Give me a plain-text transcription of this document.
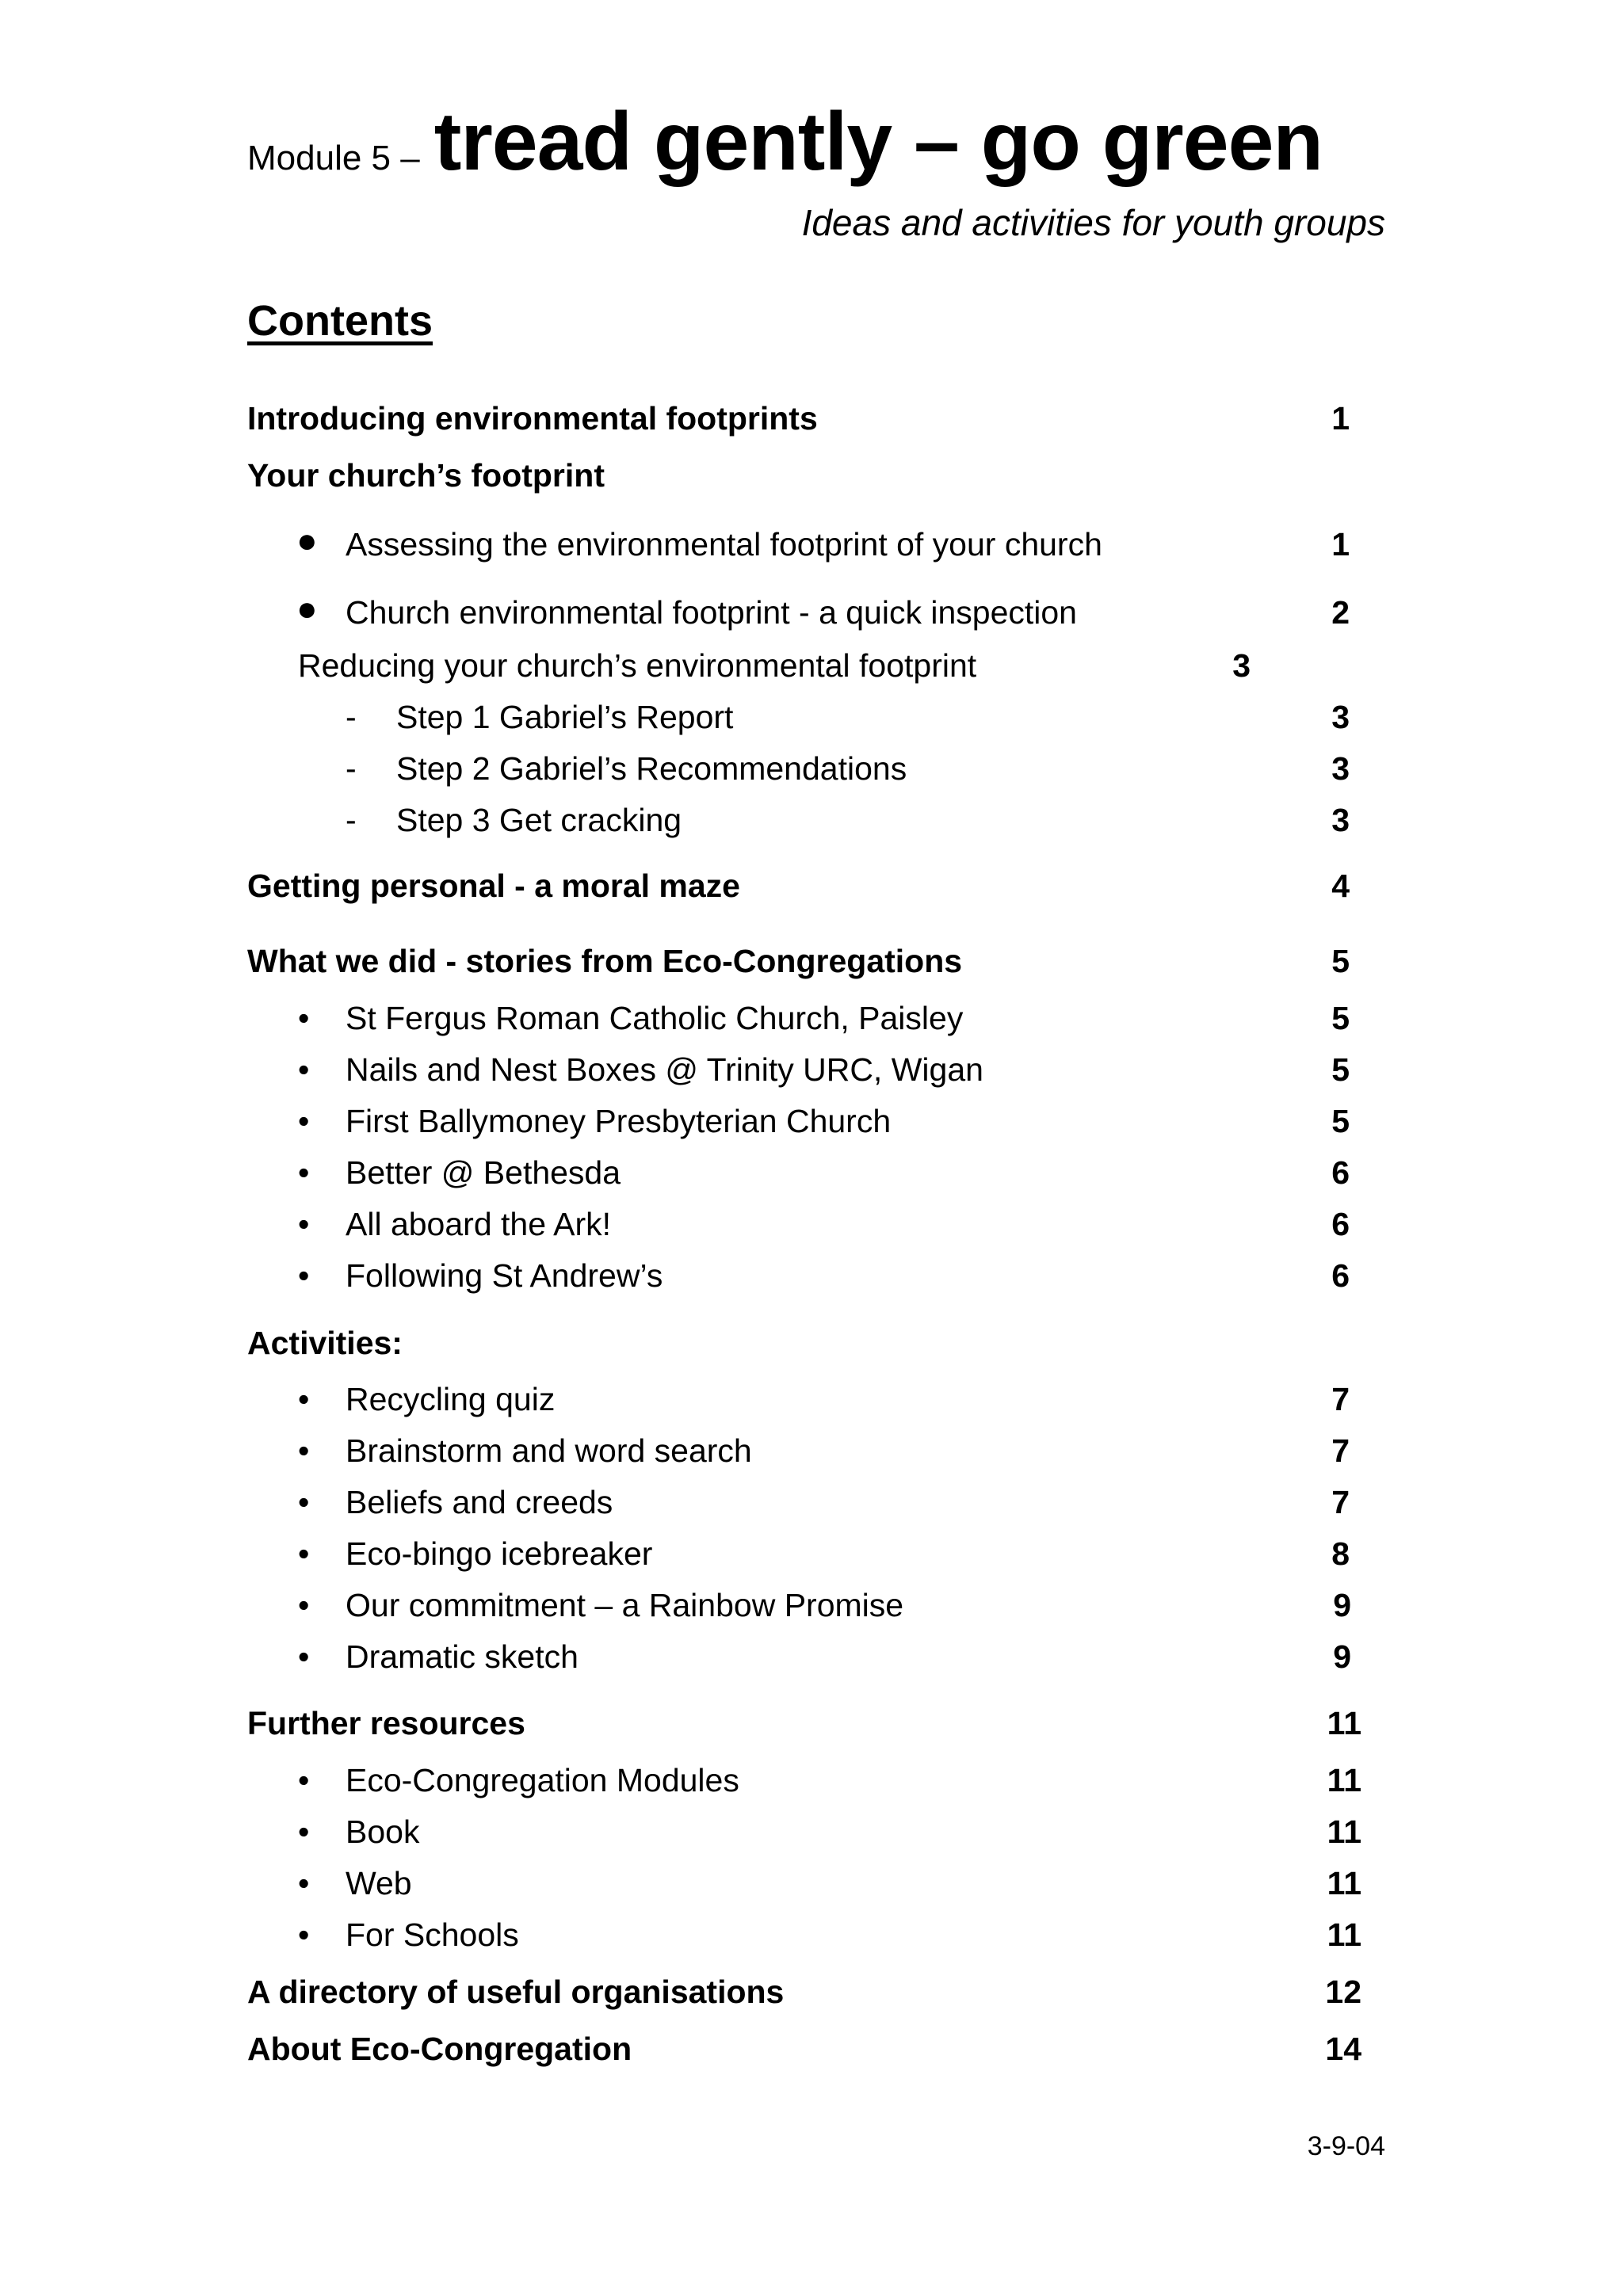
Module 5 – tread gently – go green
Ideas and activities for youth groups
Contents
Introducing environmental footprints	1
Your church’s footprint
● Assessing the environmental footprint of your church	1
● Church environmental footprint - a quick inspection	2
Reducing your church’s environmental footprint	3
- Step 1 Gabriel’s Report	3
- Step 2 Gabriel’s Recommendations	3
- Step 3 Get cracking	3
Getting personal - a moral maze	4
What we did - stories from Eco-Congregations	5
• St Fergus Roman Catholic Church, Paisley	5
• Nails and Nest Boxes @ Trinity URC, Wigan	5
• First Ballymoney Presbyterian Church	5
• Better @ Bethesda	6
• All aboard the Ark!	6
• Following St Andrew’s	6
Activities:
• Recycling quiz	7
• Brainstorm and word search	7
• Beliefs and creeds	7
• Eco-bingo icebreaker	8
• Our commitment – a Rainbow Promise	9
• Dramatic sketch	9
Further resources	11
• Eco-Congregation Modules	11
• Book	11
• Web	11
• For Schools	11
A directory of useful organisations	12
About Eco-Congregation	14
3-9-04
